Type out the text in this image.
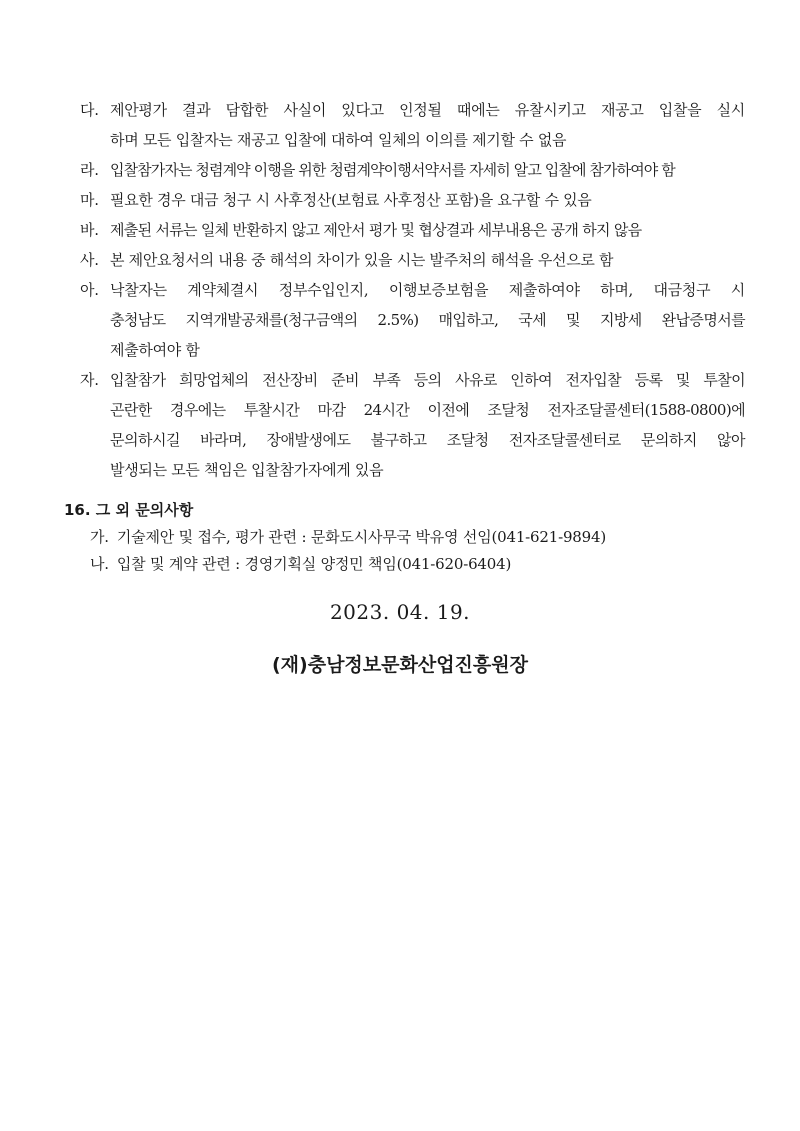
다. 제안평가 결과 담합한 사실이 있다고 인정될 때에는 유찰시키고 재공고 입찰을 실시
하며 모든 입찰자는 재공고 입찰에 대하여 일체의 이의를 제기할 수 없음
라. 입찰참가자는 청렴계약 이행을 위한 청렴계약이행서약서를 자세히 알고 입찰에 참가하여야 함
마. 필요한 경우 대금 청구 시 사후정산(보험료 사후정산 포함)을 요구할 수 있음
바. 제출된 서류는 일체 반환하지 않고 제안서 평가 및 협상결과 세부내용은 공개 하지 않음
사. 본 제안요청서의 내용 중 해석의 차이가 있을 시는 발주처의 해석을 우선으로 함
아. 낙찰자는 계약체결시 정부수입인지, 이행보증보험을 제출하여야 하며, 대금청구 시
충청남도 지역개발공채를(청구금액의 2.5%) 매입하고, 국세 및 지방세 완납증명서를
제출하여야 함
자. 입찰참가 희망업체의 전산장비 준비 부족 등의 사유로 인하여 전자입찰 등록 및 투찰이
곤란한 경우에는 투찰시간 마감 24시간 이전에 조달청 전자조달콜센터(1588-0800)에
문의하시길 바라며, 장애발생에도 불구하고 조달청 전자조달콜센터로 문의하지 않아
발생되는 모든 책임은 입찰참가자에게 있음
16. 그 외 문의사항
가. 기술제안 및 접수, 평가 관련 : 문화도시사무국 박유영 선임(041-621-9894)
나. 입찰 및 계약 관련 : 경영기획실 양정민 책임(041-620-6404)
2023. 04. 19.
(재)충남정보문화산업진흥원장
